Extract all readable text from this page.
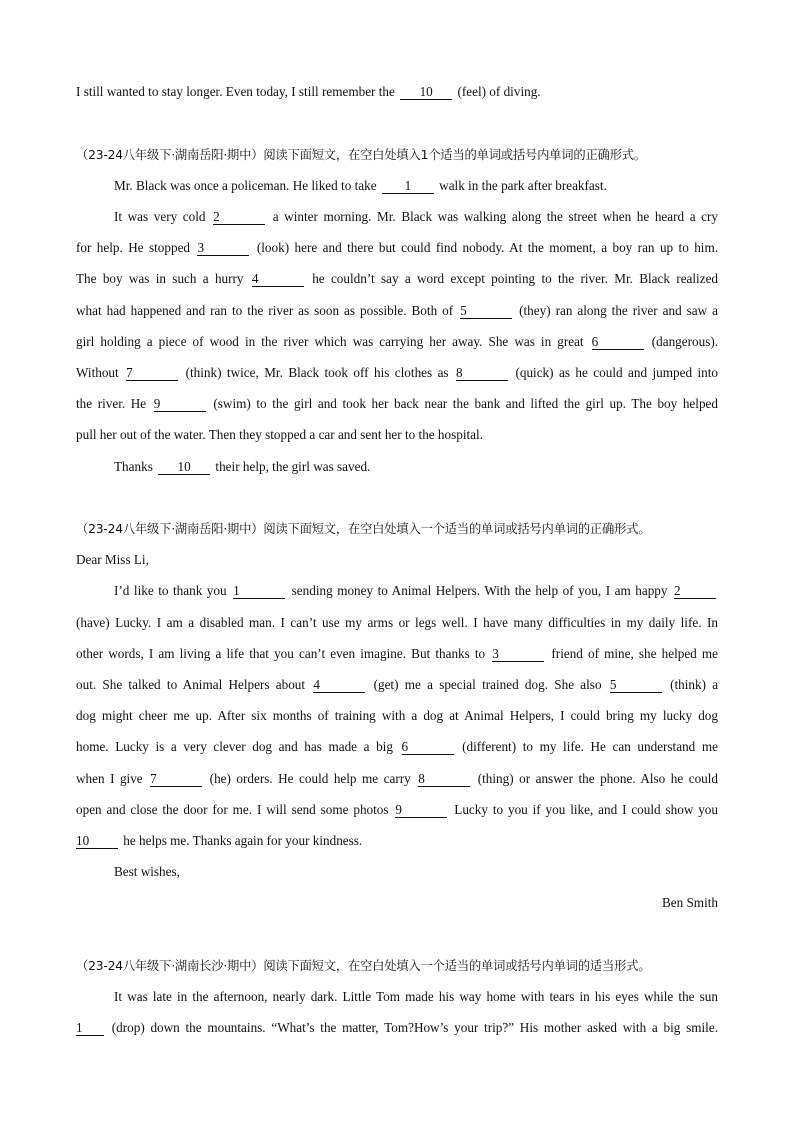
I still wanted to stay longer. Even today, I still remember the 10 (feel) of diving.
（23-24八年级下·湖南岳阳·期中）阅读下面短文，在空白处填入1个适当的单词或括号内单词的正确形式。
Mr. Black was once a policeman. He liked to take 1 walk in the park after breakfast.
It was very cold 2	a winter morning. Mr. Black was walking along the street when he heard a cry
for help. He stopped 3	(look) here and there but could find nobody. At the moment, a boy ran up to him.
The boy was in such a hurry 4	he couldn’t say a word except pointing to the river. Mr. Black realized
what had happened and ran to the river as soon as possible. Both of 5	(they) ran along the river and saw a
girl holding a piece of wood in the river which was carrying her away. She was in great 6	(dangerous).
Without 7	(think) twice, Mr. Black took off his clothes as 8	(quick) as he could and jumped into
the river. He 9	(swim) to the girl and took her back near the bank and lifted the girl up. The boy helped
pull her out of the water. Then they stopped a car and sent her to the hospital.
Thanks 10 their help, the girl was saved.
（23-24八年级下·湖南岳阳·期中）阅读下面短文，在空白处填入一个适当的单词或括号内单词的正确形式。
Dear Miss Li,
I’d like to thank you 1	sending money to Animal Helpers. With the help of you, I am happy 2
(have) Lucky. I am a disabled man. I can’t use my arms or legs well. I have many difficulties in my daily life. In
other words, I am living a life that you can’t even imagine. But thanks to 3	friend of mine, she helped me
out. She talked to Animal Helpers about 4	(get) me a special trained dog. She also 5	(think) a
dog might cheer me up. After six months of training with a dog at Animal Helpers, I could bring my lucky dog
home. Lucky is a very clever dog and has made a big 6	(different) to my life. He can understand me
when I give 7	(he) orders. He could help me carry 8	(thing) or answer the phone. Also he could
open and close the door for me. I will send some photos 9	Lucky to you if you like, and I could show you
10	he helps me. Thanks again for your kindness.
Best wishes,
Ben Smith
（23-24八年级下·湖南长沙·期中）阅读下面短文，在空白处填入一个适当的单词或括号内单词的适当形式。
It was late in the afternoon, nearly dark. Little Tom made his way home with tears in his eyes while the sun
1 (drop) down the mountains. “What’s the matter, Tom?How’s your trip?” His mother asked with a big smile.
